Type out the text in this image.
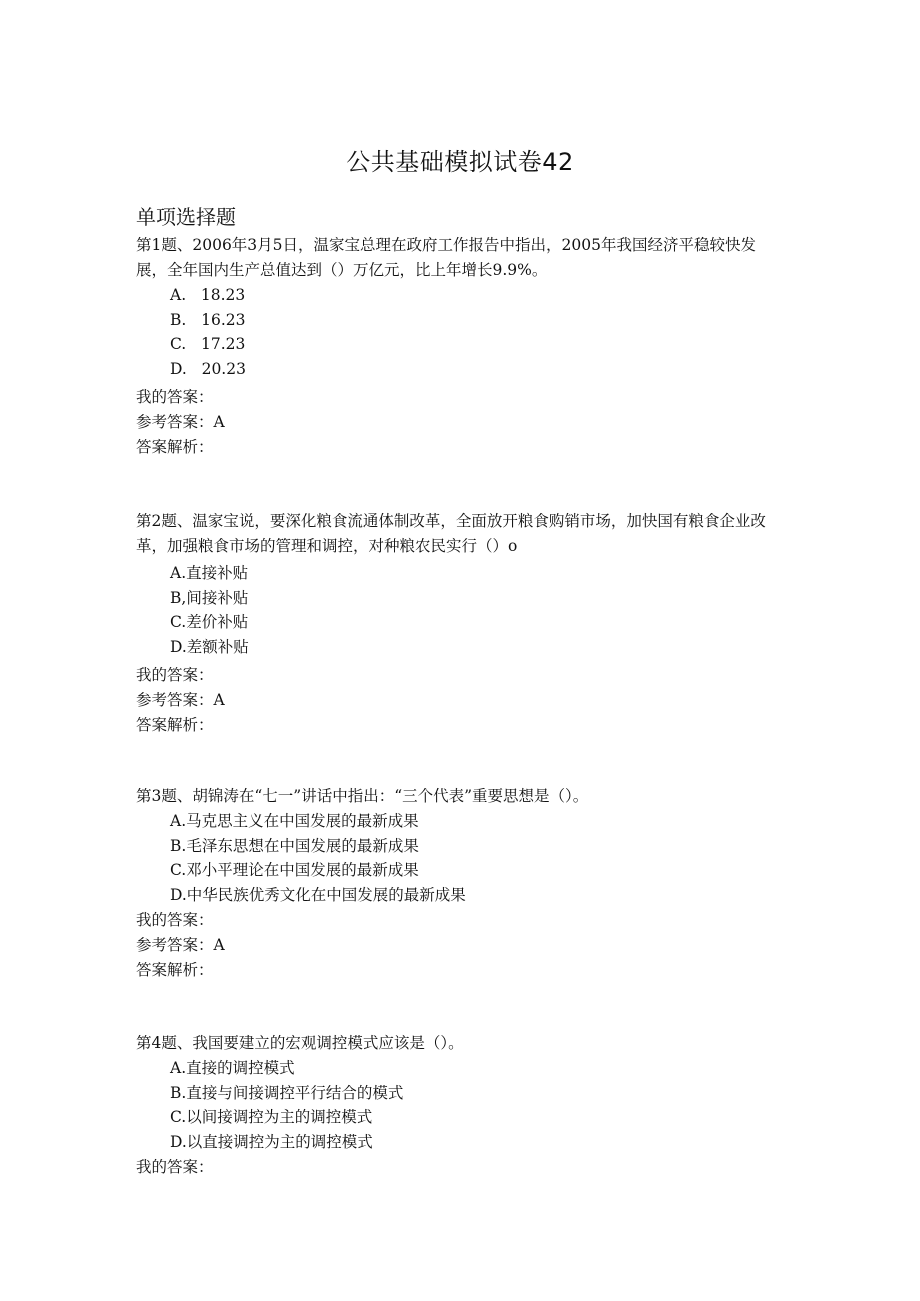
公共基础模拟试卷42
单项选择题

第1题、2006年3月5日，温家宝总理在政府工作报告中指出，2005年我国经济平稳较快发展，全年国内生产总值达到（）万亿元，比上年增长9.9%。

A.   18.23
B.   16.23
C.   17.23
D.   20.23
我的答案：
参考答案：A
答案解析：

第2题、温家宝说，要深化粮食流通体制改革，全面放开粮食购销市场，加快国有粮食企业改革，加强粮食市场的管理和调控，对种粮农民实行（）o

A.直接补贴
B,间接补贴
C.差价补贴
D.差额补贴
我的答案：
参考答案：A
答案解析：

第3题、胡锦涛在“七一”讲话中指出：“三个代表”重要思想是（）。

A.马克思主义在中国发展的最新成果
B.毛泽东思想在中国发展的最新成果
C.邓小平理论在中国发展的最新成果
D.中华民族优秀文化在中国发展的最新成果
我的答案：
参考答案：A
答案解析：

第4题、我国要建立的宏观调控模式应该是（）。

A.直接的调控模式
B.直接与间接调控平行结合的模式
C.以间接调控为主的调控模式
D.以直接调控为主的调控模式
我的答案：
